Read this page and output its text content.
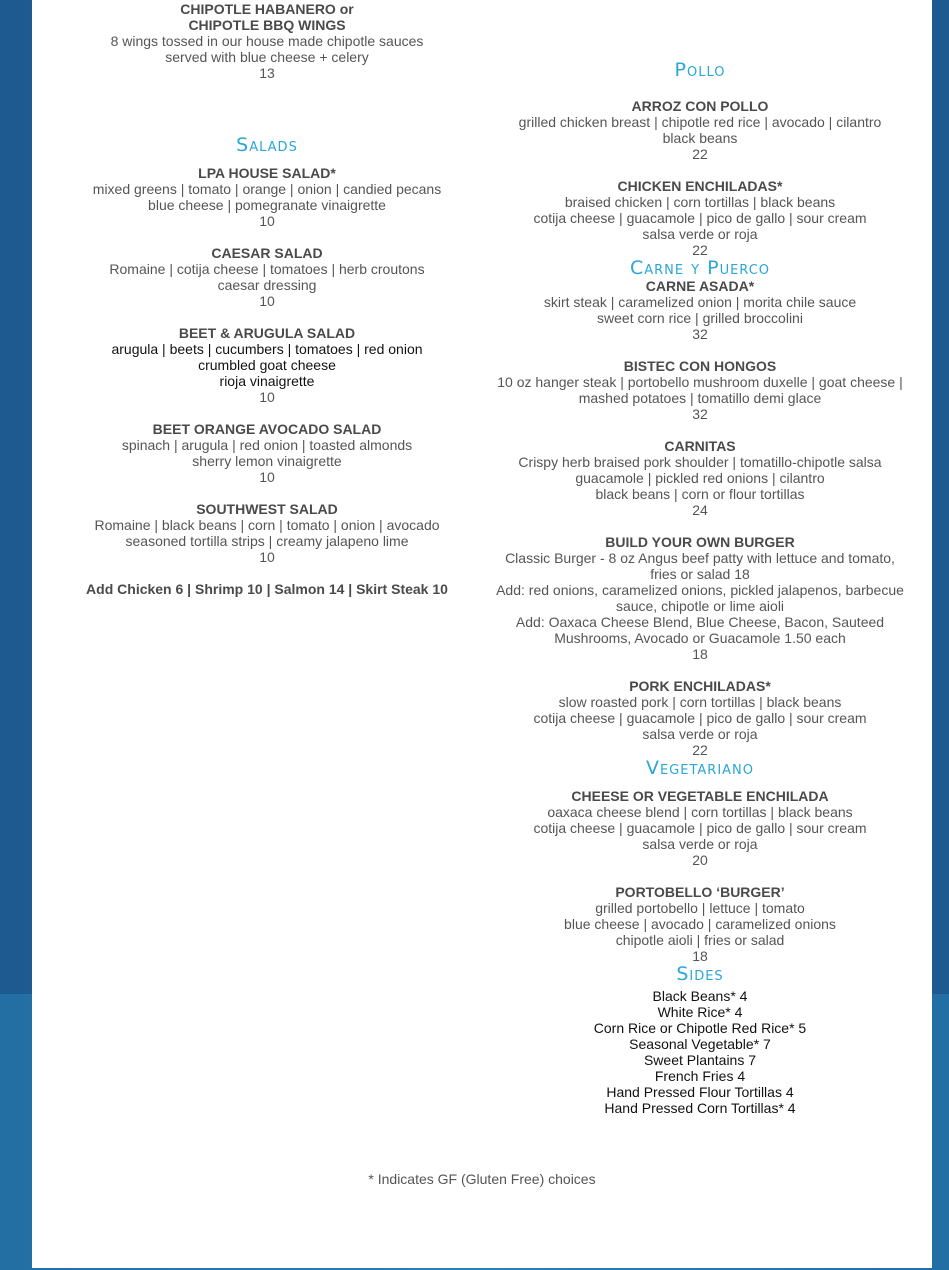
CHIPOTLE HABANERO or
CHIPOTLE BBQ WINGS
8 wings tossed in our house made chipotle sauces
served with blue cheese + celery
13
Salads
LPA HOUSE SALAD*
mixed greens | tomato | orange | onion | candied pecans
blue cheese | pomegranate vinaigrette
10
CAESAR SALAD
Romaine | cotija cheese | tomatoes | herb croutons
caesar dressing
10
BEET & ARUGULA SALAD
arugula | beets | cucumbers | tomatoes | red onion
crumbled goat cheese
rioja vinaigrette
10
BEET ORANGE AVOCADO SALAD
spinach | arugula | red onion | toasted almonds
sherry lemon vinaigrette
10
SOUTHWEST SALAD
Romaine | black beans | corn | tomato | onion | avocado
seasoned tortilla strips | creamy jalapeno lime
10
Add Chicken 6 | Shrimp 10 | Salmon 14 | Skirt Steak 10
Pollo
ARROZ CON POLLO
grilled chicken breast | chipotle red rice | avocado | cilantro
black beans
22
CHICKEN ENCHILADAS*
braised chicken | corn tortillas | black beans
cotija cheese | guacamole | pico de gallo | sour cream
salsa verde or roja
22
Carne y Puerco
CARNE ASADA*
skirt steak | caramelized onion | morita chile sauce
sweet corn rice | grilled broccolini
32
BISTEC CON HONGOS
10 oz hanger steak | portobello mushroom duxelle | goat cheese |
mashed potatoes | tomatillo demi glace
32
CARNITAS
Crispy herb braised pork shoulder | tomatillo-chipotle salsa
guacamole | pickled red onions | cilantro
black beans | corn or flour tortillas
24
BUILD YOUR OWN BURGER
Classic Burger - 8 oz Angus beef patty with lettuce and tomato,
fries or salad 18
Add: red onions, caramelized onions, pickled jalapenos, barbecue
sauce, chipotle or lime aioli
Add: Oaxaca Cheese Blend, Blue Cheese, Bacon, Sauteed
Mushrooms, Avocado or Guacamole 1.50 each
18
PORK ENCHILADAS*
slow roasted pork | corn tortillas | black beans
cotija cheese | guacamole | pico de gallo | sour cream
salsa verde or roja
22
Vegetariano
CHEESE OR VEGETABLE ENCHILADA
oaxaca cheese blend | corn tortillas | black beans
cotija cheese | guacamole | pico de gallo | sour cream
salsa verde or roja
20
PORTOBELLO ‘BURGER’
grilled portobello | lettuce | tomato
blue cheese | avocado | caramelized onions
chipotle aioli | fries or salad
18
Sides
Black Beans* 4
White Rice* 4
Corn Rice or Chipotle Red Rice* 5
Seasonal Vegetable* 7
Sweet Plantains 7
French Fries 4
Hand Pressed Flour Tortillas 4
Hand Pressed Corn Tortillas* 4
* Indicates GF (Gluten Free) choices
